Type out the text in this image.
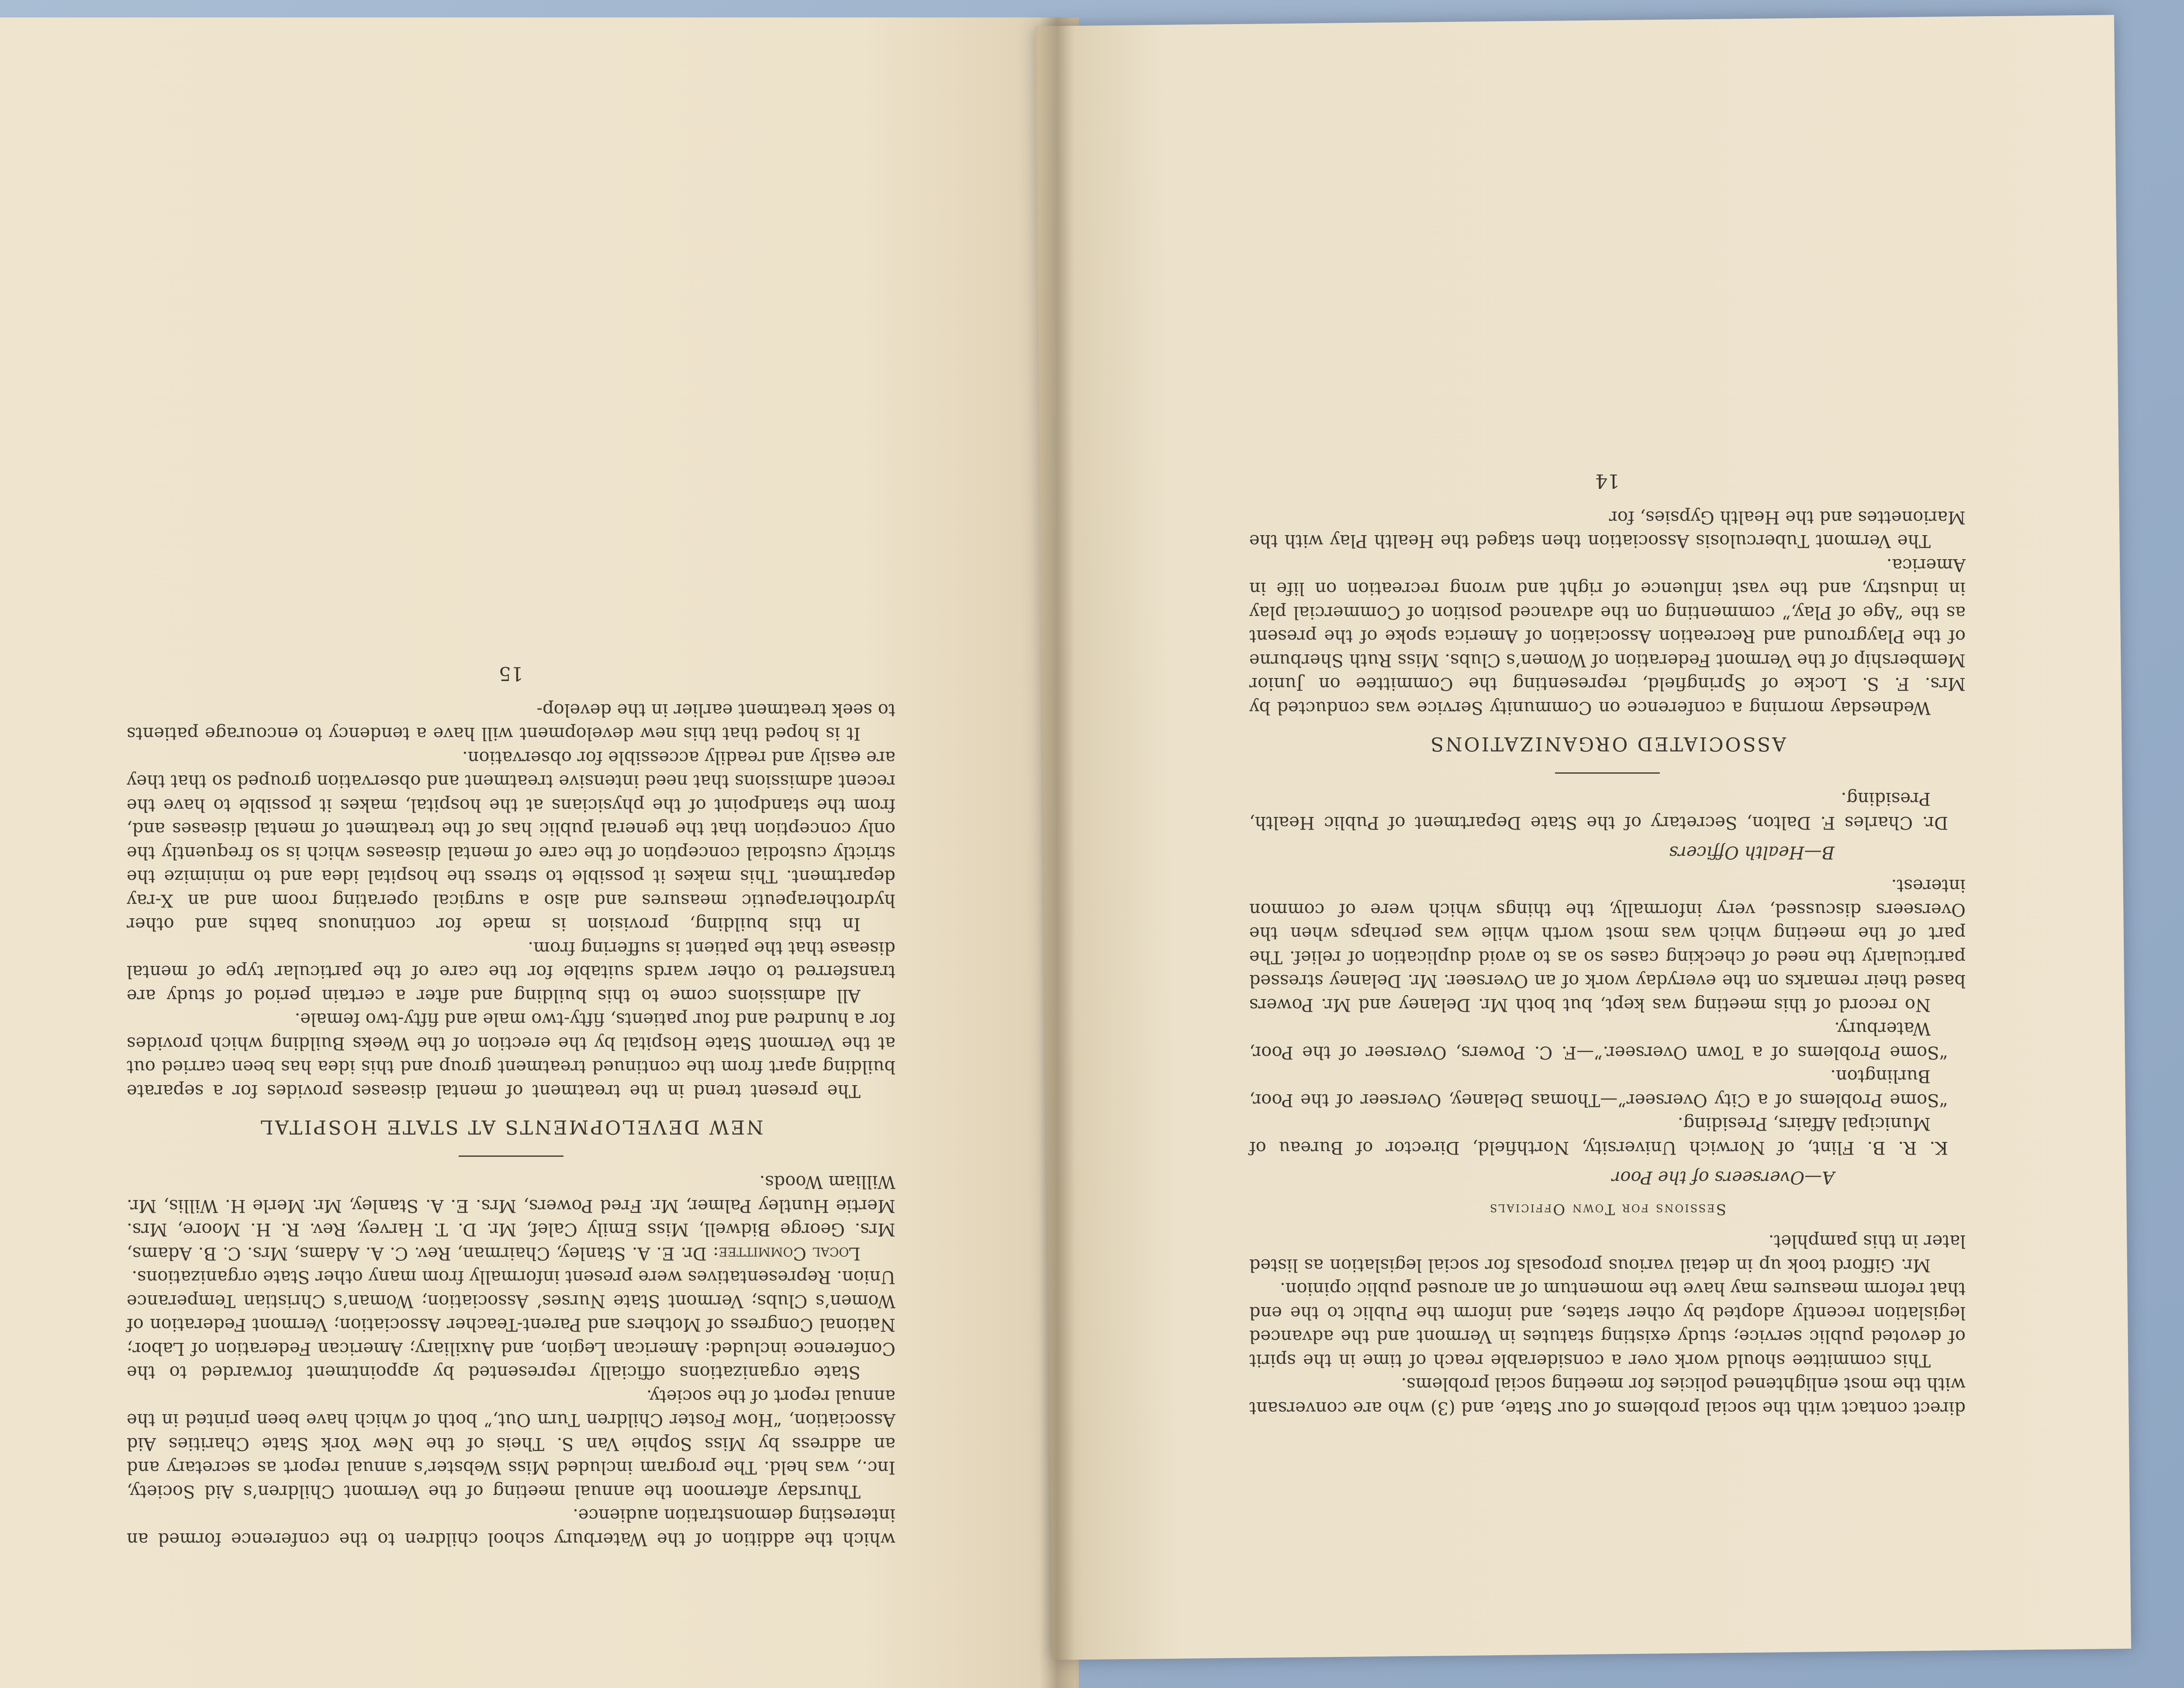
which the addition of the Waterbury school children to the conference formed an interesting demonstration audience.

Thursday afternoon the annual meeting of the Vermont Children’s Aid Society, Inc., was held. The program included Miss Webster’s annual report as secretary and an address by Miss Sophie Van S. Theis of the New York State Charities Aid Association, “How Foster Children Turn Out,” both of which have been printed in the annual report of the society.

State organizations officially represented by appointment forwarded to the Conference included: American Legion, and Auxiliary; American Federation of Labor; National Congress of Mothers and Parent-Teacher Association; Vermont Federation of Women’s Clubs; Vermont State Nurses’ Association; Woman’s Christian Temperance Union. Representatives were present informally from many other State organizations.

Local Committee: Dr. E. A. Stanley, Chairman, Rev. C. A. Adams, Mrs. C. B. Adams, Mrs. George Bidwell, Miss Emily Calef, Mr. D. T. Harvey, Rev. R. H. Moore, Mrs. Mertie Huntley Palmer, Mr. Fred Powers, Mrs. E. A. Stanley, Mr. Merle H. Willis, Mr. William Woods.

NEW DEVELOPMENTS AT STATE HOSPITAL

The present trend in the treatment of mental diseases provides for a separate building apart from the continued treatment group and this idea has been carried out at the Vermont State Hospital by the erection of the Weeks Building which provides for a hundred and four patients, fifty-two male and fifty-two female.

All admissions come to this building and after a certain period of study are transferred to other wards suitable for the care of the particular type of mental disease that the patient is suffering from.

In this building, provision is made for continuous baths and other hydrotherapeutic measures and also a surgical operating room and an X-ray department. This makes it possible to stress the hospital idea and to minimize the strictly custodial conception of the care of mental diseases which is so frequently the only conception that the general public has of the treatment of mental diseases and, from the standpoint of the physicians at the hospital, makes it possible to have the recent admissions that need intensive treatment and observation grouped so that they are easily and readily accessible for observation.

It is hoped that this new development will have a tendency to encourage patients to seek treatment earlier in the develop-

15

direct contact with the social problems of our State, and (3) who are conversant with the most enlightened policies for meeting social problems.

This committee should work over a considerable reach of time in the spirit of devoted public service; study existing statutes in Vermont and the advanced legislation recently adopted by other states, and inform the Public to the end that reform measures may have the momentum of an aroused public opinion.

Mr. Gifford took up in detail various proposals for social legislation as listed later in this pamphlet.

Sessions for Town Officials
A—Overseers of the Poor

K. R. B. Flint, of Norwich University, Northfield, Director of Bureau of Municipal Affairs, Presiding.

“Some Problems of a City Overseer”—Thomas Delaney, Overseer of the Poor, Burlington.

“Some Problems of a Town Overseer.”—F. C. Powers, Overseer of the Poor, Waterbury.

No record of this meeting was kept, but both Mr. Delaney and Mr. Powers based their remarks on the everyday work of an Overseer. Mr. Delaney stressed particularly the need of checking cases so as to avoid duplication of relief. The part of the meeting which was most worth while was perhaps when the Overseers discussed, very informally, the things which were of common interest.

B—Health Officers

Dr. Charles F. Dalton, Secretary of the State Department of Public Health, Presiding.

ASSOCIATED ORGANIZATIONS

Wednesday morning a conference on Community Service was conducted by Mrs. F. S. Locke of Springfield, representing the Committee on Junior Membership of the Vermont Federation of Women’s Clubs. Miss Ruth Sherburne of the Playground and Recreation Association of America spoke of the present as the “Age of Play,” commenting on the advanced position of Commercial play in industry, and the vast influence of right and wrong recreation on life in America.

The Vermont Tuberculosis Association then staged the Health Play with the Marionettes and the Health Gypsies, for

14
